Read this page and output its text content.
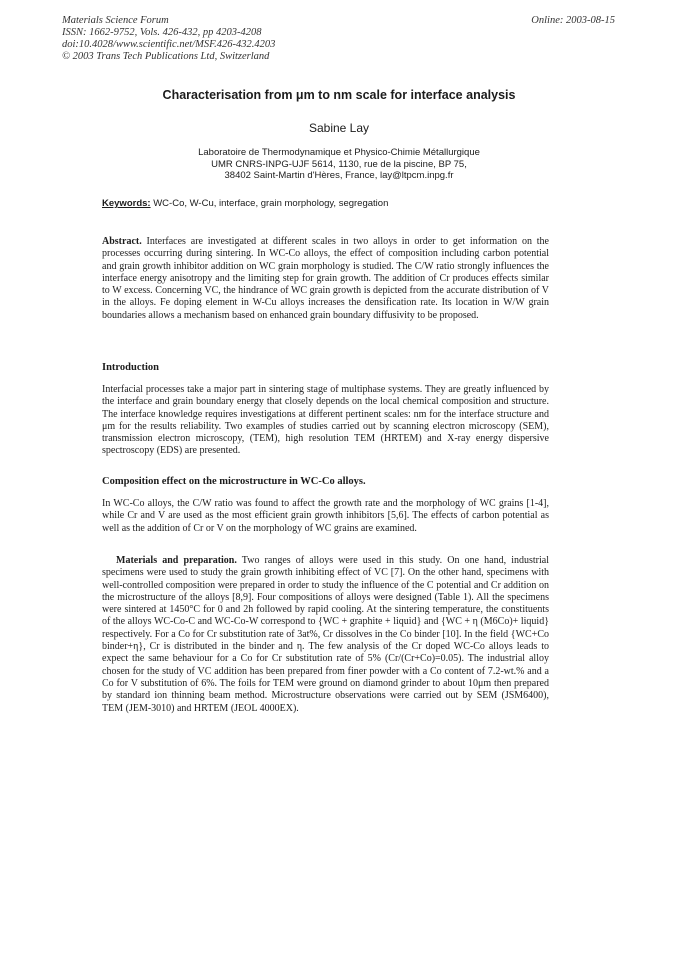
Materials Science Forum
ISSN: 1662-9752, Vols. 426-432, pp 4203-4208
doi:10.4028/www.scientific.net/MSF.426-432.4203
© 2003 Trans Tech Publications Ltd, Switzerland
Online: 2003-08-15
Characterisation from μm to nm scale for interface analysis
Sabine Lay
Laboratoire de Thermodynamique et Physico-Chimie Métallurgique
UMR CNRS-INPG-UJF 5614, 1130, rue de la piscine, BP 75,
38402 Saint-Martin d'Hères, France, lay@ltpcm.inpg.fr
Keywords: WC-Co, W-Cu, interface, grain morphology, segregation
Abstract. Interfaces are investigated at different scales in two alloys in order to get information on the processes occurring during sintering. In WC-Co alloys, the effect of composition including carbon potential and grain growth inhibitor addition on WC grain morphology is studied. The C/W ratio strongly influences the interface energy anisotropy and the limiting step for grain growth. The addition of Cr produces effects similar to W excess. Concerning VC, the hindrance of WC grain growth is depicted from the accurate distribution of V in the alloys. Fe doping element in W-Cu alloys increases the densification rate. Its location in W/W grain boundaries allows a mechanism based on enhanced grain boundary diffusivity to be proposed.
Introduction
Interfacial processes take a major part in sintering stage of multiphase systems. They are greatly influenced by the interface and grain boundary energy that closely depends on the local chemical composition and structure. The interface knowledge requires investigations at different pertinent scales: nm for the interface structure and μm for the results reliability. Two examples of studies carried out by scanning electron microscopy (SEM), transmission electron microscopy, (TEM), high resolution TEM (HRTEM) and X-ray energy dispersive spectroscopy (EDS) are presented.
Composition effect on the microstructure in WC-Co alloys.
In WC-Co alloys, the C/W ratio was found to affect the growth rate and the morphology of WC grains [1-4], while Cr and V are used as the most efficient grain growth inhibitors [5,6]. The effects of carbon potential as well as the addition of Cr or V on the morphology of WC grains are examined.
Materials and preparation. Two ranges of alloys were used in this study. On one hand, industrial specimens were used to study the grain growth inhibiting effect of VC [7]. On the other hand, specimens with well-controlled composition were prepared in order to study the influence of the C potential and Cr addition on the microstructure of the alloys [8,9]. Four compositions of alloys were designed (Table 1). All the specimens were sintered at 1450°C for 0 and 2h followed by rapid cooling. At the sintering temperature, the constituents of the alloys WC-Co-C and WC-Co-W correspond to {WC + graphite + liquid} and {WC + η (M6Co)+ liquid} respectively. For a Co for Cr substitution rate of 3at%, Cr dissolves in the Co binder [10]. In the field {WC+Co binder+η}, Cr is distributed in the binder and η. The few analysis of the Cr doped WC-Co alloys leads to expect the same behaviour for a Co for Cr substitution rate of 5% (Cr/(Cr+Co)=0.05). The industrial alloy chosen for the study of VC addition has been prepared from finer powder with a Co content of 7.2-wt.% and a Co for V substitution of 6%. The foils for TEM were ground on diamond grinder to about 10μm then prepared by standard ion thinning beam method. Microstructure observations were carried out by SEM (JSM6400), TEM (JEM-3010) and HRTEM (JEOL 4000EX).
